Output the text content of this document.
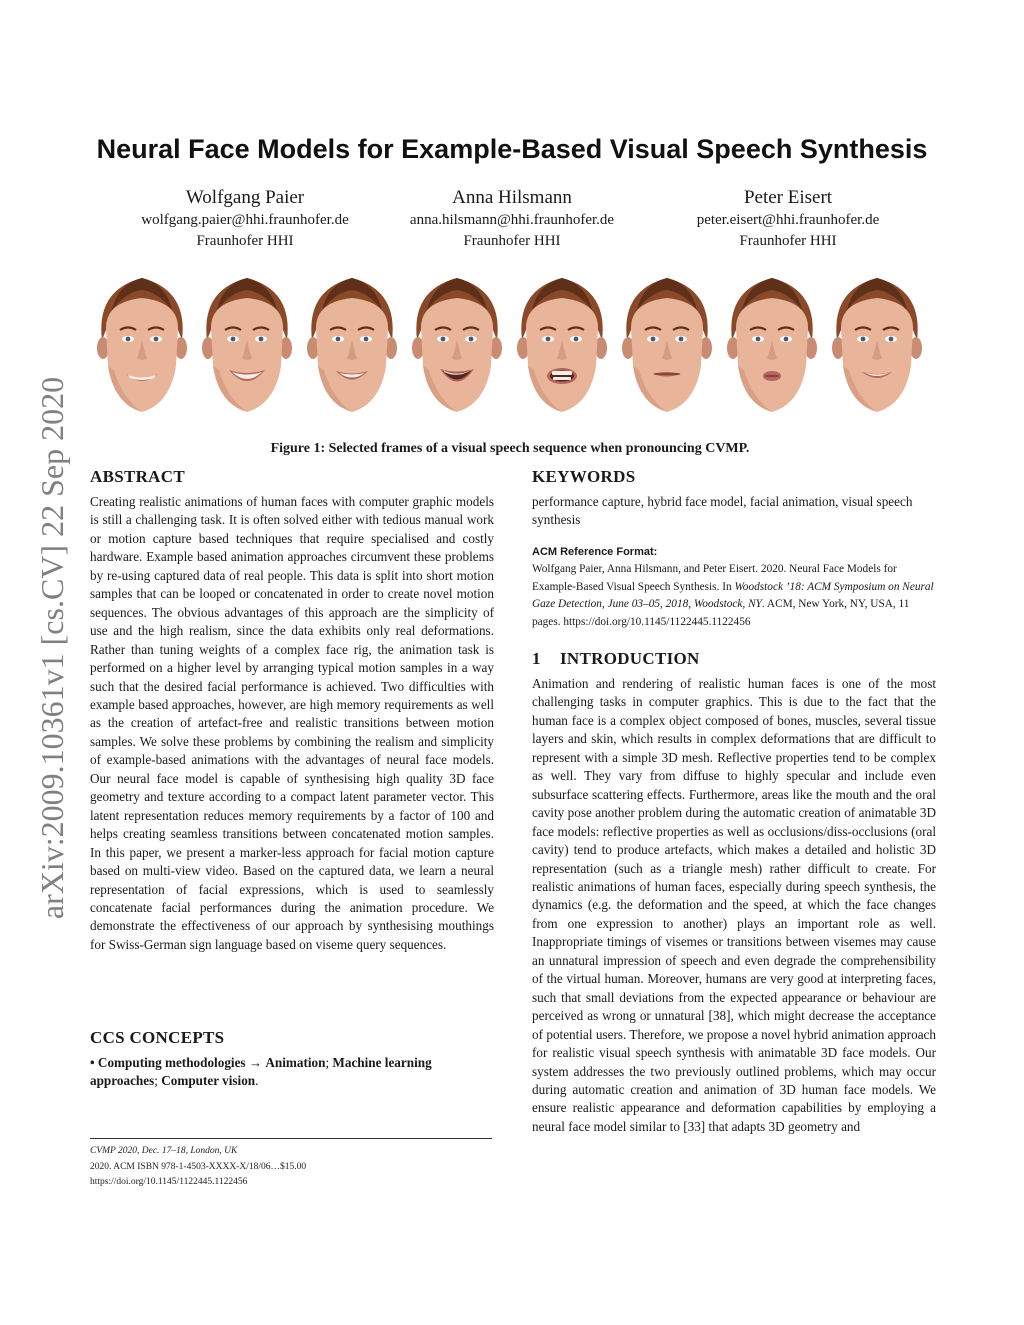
arXiv:2009.10361v1 [cs.CV] 22 Sep 2020
Neural Face Models for Example-Based Visual Speech Synthesis
Wolfgang Paier
wolfgang.paier@hhi.fraunhofer.de
Fraunhofer HHI
Anna Hilsmann
anna.hilsmann@hhi.fraunhofer.de
Fraunhofer HHI
Peter Eisert
peter.eisert@hhi.fraunhofer.de
Fraunhofer HHI
Figure 1: Selected frames of a visual speech sequence when pronouncing CVMP.
ABSTRACT

Creating realistic animations of human faces with computer graphic models is still a challenging task. It is often solved either with tedious manual work or motion capture based techniques that require specialised and costly hardware. Example based animation approaches circumvent these problems by re-using captured data of real people. This data is split into short motion samples that can be looped or concatenated in order to create novel motion sequences. The obvious advantages of this approach are the simplicity of use and the high realism, since the data exhibits only real deformations. Rather than tuning weights of a complex face rig, the animation task is performed on a higher level by arranging typical motion samples in a way such that the desired facial performance is achieved. Two difficulties with example based approaches, however, are high memory requirements as well as the creation of artefact-free and realistic transitions between motion samples. We solve these problems by combining the realism and simplicity of example-based animations with the advantages of neural face models. Our neural face model is capable of synthesising high quality 3D face geometry and texture according to a compact latent parameter vector. This latent representation reduces memory requirements by a factor of 100 and helps creating seamless transitions between concatenated motion samples. In this paper, we present a marker-less approach for facial motion capture based on multi-view video. Based on the captured data, we learn a neural representation of facial expressions, which is used to seamlessly concatenate facial performances during the animation procedure. We demonstrate the effectiveness of our approach by synthesising mouthings for Swiss-German sign language based on viseme query sequences.

CCS CONCEPTS

• Computing methodologies → Animation; Machine learning approaches; Computer vision.

CVMP 2020, Dec. 17–18, London, UK
2020. ACM ISBN 978-1-4503-XXXX-X/18/06…$15.00
https://doi.org/10.1145/1122445.1122456
KEYWORDS

performance capture, hybrid face model, facial animation, visual speech synthesis

ACM Reference Format:

Wolfgang Paier, Anna Hilsmann, and Peter Eisert. 2020. Neural Face Models for Example-Based Visual Speech Synthesis. In Woodstock ’18: ACM Symposium on Neural Gaze Detection, June 03–05, 2018, Woodstock, NY. ACM, New York, NY, USA, 11 pages. https://doi.org/10.1145/1122445.1122456

1 INTRODUCTION

Animation and rendering of realistic human faces is one of the most challenging tasks in computer graphics. This is due to the fact that the human face is a complex object composed of bones, muscles, several tissue layers and skin, which results in complex deformations that are difficult to represent with a simple 3D mesh. Reflective properties tend to be complex as well. They vary from diffuse to highly specular and include even subsurface scattering effects. Furthermore, areas like the mouth and the oral cavity pose another problem during the automatic creation of animatable 3D face models: reflective properties as well as occlusions/diss-occlusions (oral cavity) tend to produce artefacts, which makes a detailed and holistic 3D representation (such as a triangle mesh) rather difficult to create. For realistic animations of human faces, especially during speech synthesis, the dynamics (e.g. the deformation and the speed, at which the face changes from one expression to another) plays an important role as well. Inappropriate timings of visemes or transitions between visemes may cause an unnatural impression of speech and even degrade the comprehensibility of the virtual human. Moreover, humans are very good at interpreting faces, such that small deviations from the expected appearance or behaviour are perceived as wrong or unnatural [38], which might decrease the acceptance of potential users. Therefore, we propose a novel hybrid animation approach for realistic visual speech synthesis with animatable 3D face models. Our system addresses the two previously outlined problems, which may occur during automatic creation and animation of 3D human face models. We ensure realistic appearance and deformation capabilities by employing a neural face model similar to [33] that adapts 3D geometry and
